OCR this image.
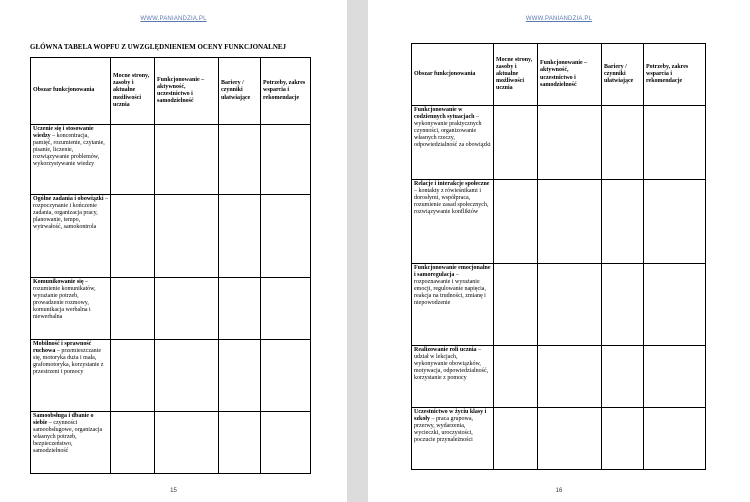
WWW.PANIANDZIA.PL
GŁÓWNA TABELA WOPFU Z UWZGLĘDNIENIEM OCENY FUNKCJONALNEJ
Obszar funkcjonowania	Mocne strony, zasoby i aktualne możliwości ucznia	Funkcjonowanie – aktywność, uczestnictwo i samodzielność	Bariery / czynniki ułatwiające	Potrzeby, zakres wsparcia i rekomendacje
Uczenie się i stosowanie wiedzy – koncentracja, pamięć, rozumienie, czytanie, pisanie, liczenie, rozwiązywanie problemów, wykorzystywanie wiedzy				
Ogólne zadania i obowiązki – rozpoczynanie i kończenie zadania, organizacja pracy, planowanie, tempo, wytrwałość, samokontrola				
Komunikowanie się – rozumienie komunikatów, wyrażanie potrzeb, prowadzenie rozmowy, komunikacja werbalna i niewerbalna				
Mobilność i sprawność ruchowa – przemieszczanie się, motoryka duża i mała, grafomotoryka, korzystanie z przestrzeni i pomocy				
Samoobsługa i dbanie o siebie – czynności samoobsługowe, organizacja własnych potrzeb, bezpieczeństwo, samodzielność				
15
WWW.PANIANDZIA.PL
Obszar funkcjonowania	Mocne strony, zasoby i aktualne możliwości ucznia	Funkcjonowanie – aktywność, uczestnictwo i samodzielność	Bariery / czynniki ułatwiające	Potrzeby, zakres wsparcia i rekomendacje
Funkcjonowanie w codziennych sytuacjach – wykonywanie praktycznych czynności, organizowanie własnych rzeczy, odpowiedzialność za obowiązki				
Relacje i interakcje społeczne – kontakty z rówieśnikami i dorosłymi, współpraca, rozumienie zasad społecznych, rozwiązywanie konfliktów				
Funkcjonowanie emocjonalne i samoregulacja – rozpoznawanie i wyrażanie emocji, regulowanie napięcia, reakcja na trudności, zmianę i niepowodzenie				
Realizowanie roli ucznia – udział w lekcjach, wykonywanie obowiązków, motywacja, odpowiedzialność, korzystanie z pomocy				
Uczestnictwo w życiu klasy i szkoły – praca grupowa, przerwy, wydarzenia, wycieczki, uroczystości, poczucie przynależności				
16
